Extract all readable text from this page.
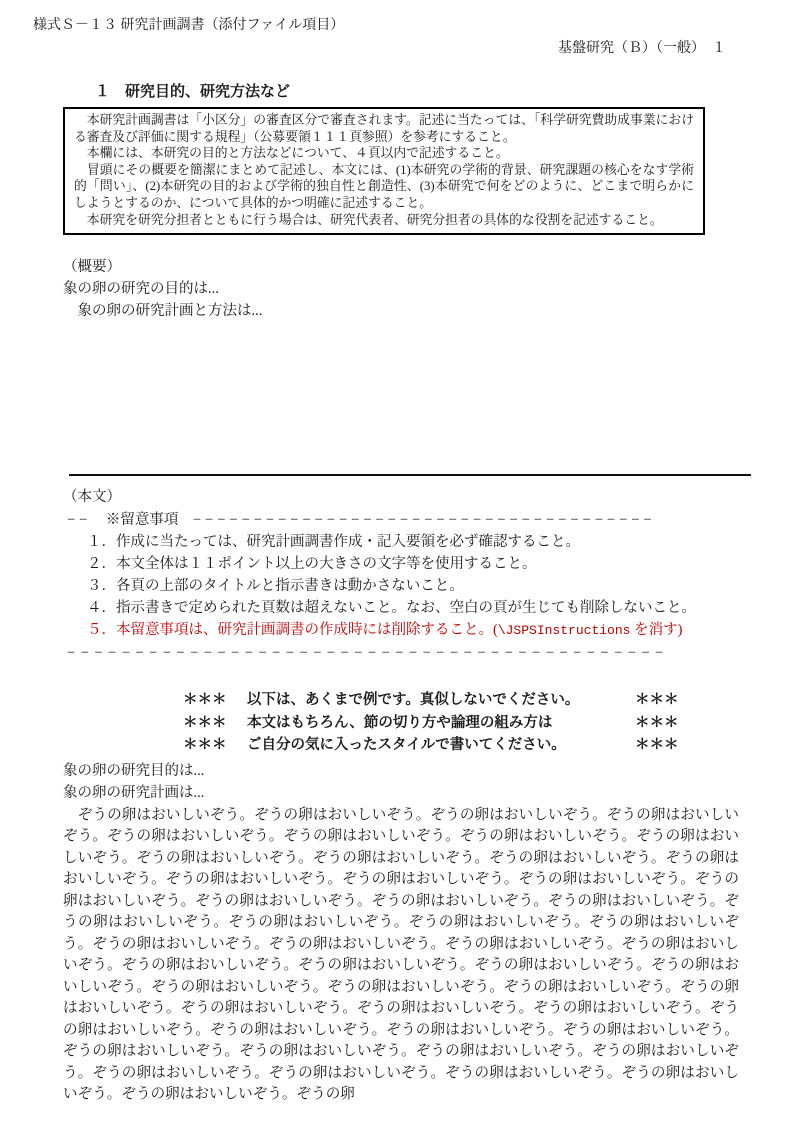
様式Ｓ－１３ 研究計画調書（添付ファイル項目）
基盤研究（Ｂ）（一般）　１
１　研究目的、研究方法など

　本研究計画調書は「小区分」の審査区分で審査されます。記述に当たっては、「科学研究費助成事業における審査及び評価に関する規程」（公募要領１１１頁参照）を参考にすること。

　本欄には、本研究の目的と方法などについて、４頁以内で記述すること。

　冒頭にその概要を簡潔にまとめて記述し、本文には、(1)本研究の学術的背景、研究課題の核心をなす学術的「問い」、(2)本研究の目的および学術的独自性と創造性、(3)本研究で何をどのように、どこまで明らかにしようとするのか、について具体的かつ明確に記述すること。

　本研究を研究分担者とともに行う場合は、研究代表者、研究分担者の具体的な役割を記述すること。

（概要）
象の卵の研究の目的は...
　象の卵の研究計画と方法は...
（本文）
−−　 ※留意事項　 −−−−−−−−−−−−−−−−−−−−−−−−−−−−−−−−−−−−−−
１．作成に当たっては、研究計画調書作成・記入要領を必ず確認すること。
２．本文全体は１１ポイント以上の大きさの文字等を使用すること。
３．各頁の上部のタイトルと指示書きは動かさないこと。
４．指示書きで定められた頁数は超えないこと。なお、空白の頁が生じても削除しないこと。
５．本留意事項は、研究計画調書の作成時には削除すること。(\JSPSInstructions を消す)
−−−−−−−−−−−−−−−−−−−−−−−−−−−−−−−−−−−−−−−−−−−−
＊＊＊	以下は、あくまで例です。真似しないでください。	＊＊＊
＊＊＊	本文はもちろん、節の切り方や論理の組み方は	＊＊＊
＊＊＊	ご自分の気に入ったスタイルで書いてください。	＊＊＊
象の卵の研究目的は...
象の卵の研究計画は...

　ぞうの卵はおいしいぞう。ぞうの卵はおいしいぞう。ぞうの卵はおいしいぞう。ぞうの卵はおいしいぞう。ぞうの卵はおいしいぞう。ぞうの卵はおいしいぞう。ぞうの卵はおいしいぞう。ぞうの卵はおいしいぞう。ぞうの卵はおいしいぞう。ぞうの卵はおいしいぞう。ぞうの卵はおいしいぞう。ぞうの卵はおいしいぞう。ぞうの卵はおいしいぞう。ぞうの卵はおいしいぞう。ぞうの卵はおいしいぞう。ぞうの卵はおいしいぞう。ぞうの卵はおいしいぞう。ぞうの卵はおいしいぞう。ぞうの卵はおいしいぞう。ぞうの卵はおいしいぞう。ぞうの卵はおいしいぞう。ぞうの卵はおいしいぞう。ぞうの卵はおいしいぞう。ぞうの卵はおいしいぞう。ぞうの卵はおいしいぞう。ぞうの卵はおいしいぞう。ぞうの卵はおいしいぞう。ぞうの卵はおいしいぞう。ぞうの卵はおいしいぞう。ぞうの卵はおいしいぞう。ぞうの卵はおいしいぞう。ぞうの卵はおいしいぞう。ぞうの卵はおいしいぞう。ぞうの卵はおいしいぞう。ぞうの卵はおいしいぞう。ぞうの卵はおいしいぞう。ぞうの卵はおいしいぞう。ぞうの卵はおいしいぞう。ぞうの卵はおいしいぞう。ぞうの卵はおいしいぞう。ぞうの卵はおいしいぞう。ぞうの卵はおいしいぞう。ぞうの卵はおいしいぞう。ぞうの卵はおいしいぞう。ぞうの卵はおいしいぞう。ぞうの卵はおいしいぞう。ぞうの卵はおいしいぞう。ぞうの卵はおいしいぞう。ぞうの卵はおいしいぞう。ぞうの卵はおいしいぞう。ぞうの卵はおいしいぞう。ぞうの卵
